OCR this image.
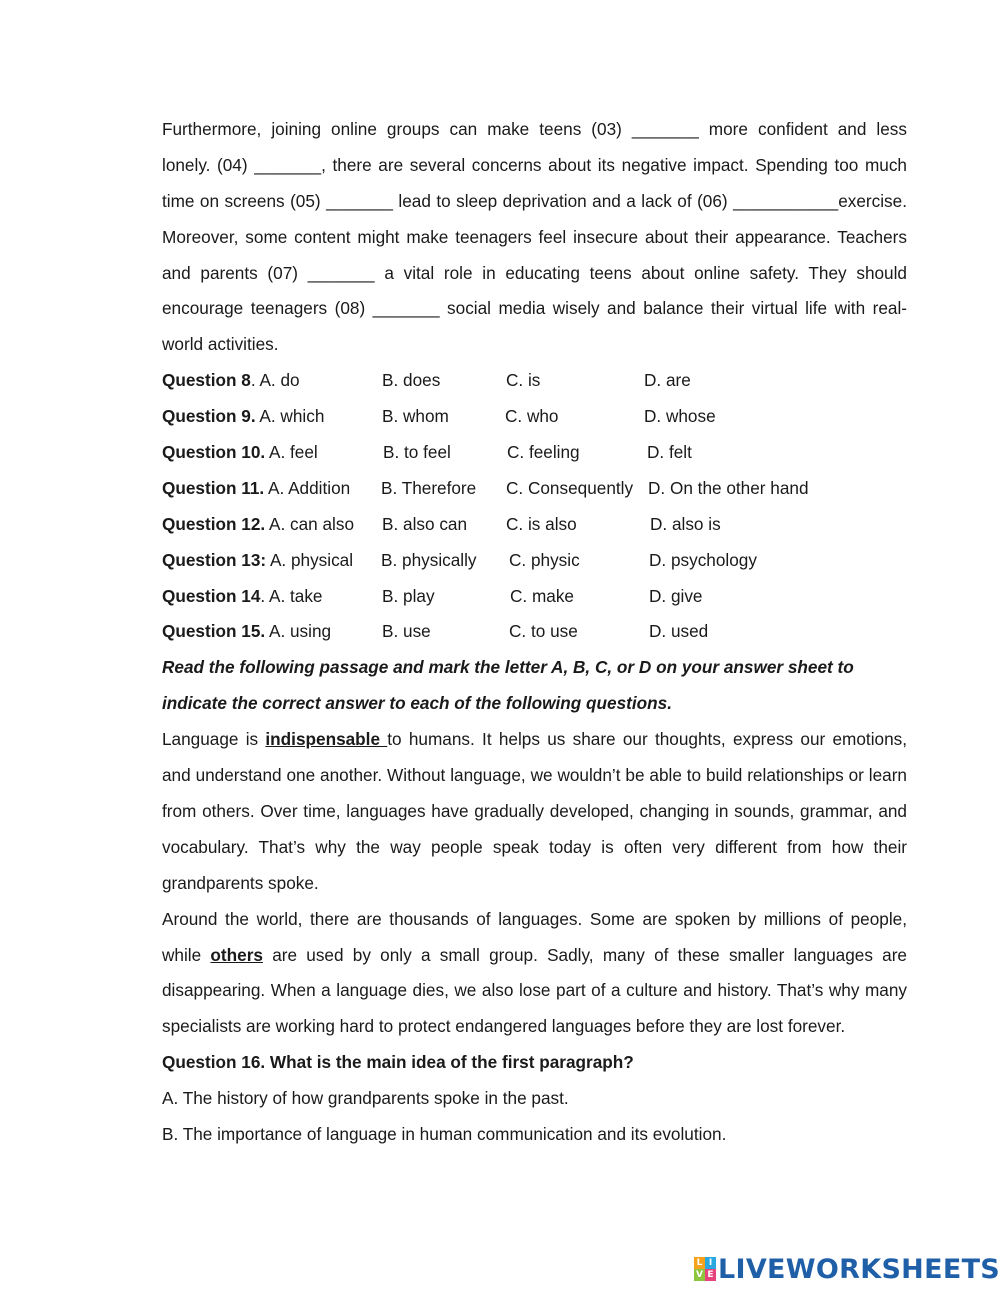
Furthermore, joining online groups can make teens (03) _______ more confident and less
lonely. (04) _______, there are several concerns about its negative impact. Spending too much
time on screens (05) _______ lead to sleep deprivation and a lack of (06) ___________exercise.
Moreover, some content might make teenagers feel insecure about their appearance. Teachers
and parents (07) _______ a vital role in educating teens about online safety. They should
encourage teenagers (08) _______ social media wisely and balance their virtual life with real-
world activities.
Question 8. A. do	B. does	C. is	D. are
Question 9. A. which	B. whom	C. who	D. whose
Question 10. A. feel	B. to feel	C. feeling	D. felt
Question 11. A. Addition B. Therefore C. Consequently D. On the other hand
Question 12. A. can also B. also can C. is also	D. also is
Question 13: A. physical B. physically C. physic	D. psychology
Question 14. A. take	B. play	C. make	D. give
Question 15. A. using	B. use	C. to use	D. used
Read the following passage and mark the letter A, B, C, or D on your answer sheet to
indicate the correct answer to each of the following questions.

Language is indispensable to humans. It helps us share our thoughts, express our emotions, and understand one another. Without language, we wouldn’t be able to build relationships or learn from others. Over time, languages have gradually developed, changing in sounds, grammar, and vocabulary. That’s why the way people speak today is often very different from how their grandparents spoke.

Around the world, there are thousands of languages. Some are spoken by millions of people, while others are used by only a small group. Sadly, many of these smaller languages are disappearing. When a language dies, we also lose part of a culture and history. That’s why many specialists are working hard to protect endangered languages before they are lost forever.

Question 16. What is the main idea of the first paragraph?
A. The history of how grandparents spoke in the past.
B. The importance of language in human communication and its evolution.
L I
V E LIVEWORKSHEETS
